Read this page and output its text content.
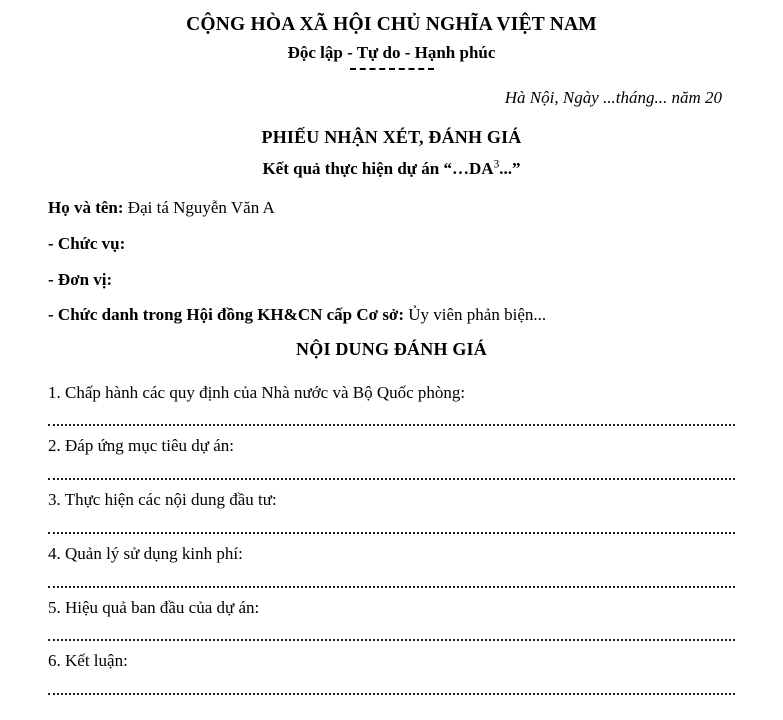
CỘNG HÒA XÃ HỘI CHỦ NGHĨA VIỆT NAM
Độc lập - Tự do - Hạnh phúc
Hà Nội, Ngày ...tháng... năm 20
PHIẾU NHẬN XÉT, ĐÁNH GIÁ
Kết quả thực hiện dự án “$\dots DA^3$...”
Họ và tên: Đại tá Nguyễn Văn A
- Chức vụ:
- Đơn vị:
- Chức danh trong Hội đồng KH&CN cấp Cơ sở: Ủy viên phản biện...
NỘI DUNG ĐÁNH GIÁ
1. Chấp hành các quy định của Nhà nước và Bộ Quốc phòng:
2. Đáp ứng mục tiêu dự án:
3. Thực hiện các nội dung đầu tư:
4. Quản lý sử dụng kinh phí:
5. Hiệu quả ban đầu của dự án:
6. Kết luận:
